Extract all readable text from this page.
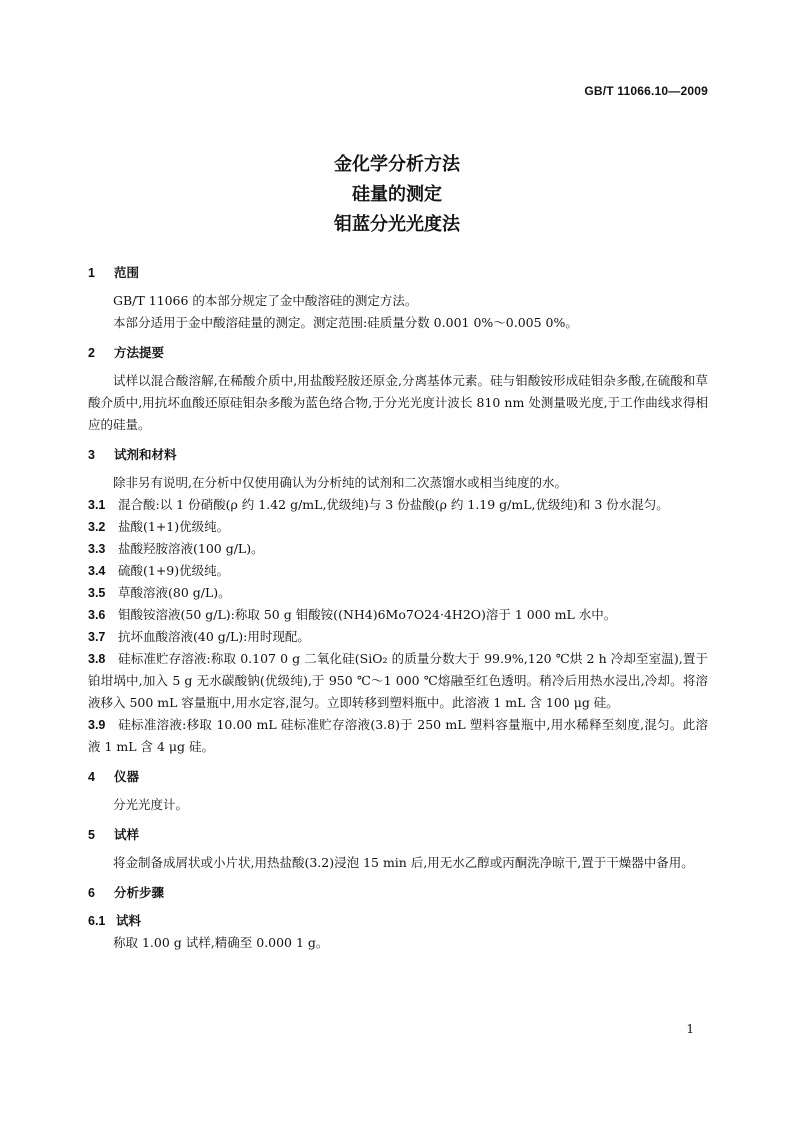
GB/T 11066.10—2009
金化学分析方法
硅量的测定
钼蓝分光光度法
1 范围
GB/T 11066 的本部分规定了金中酸溶硅的测定方法。
本部分适用于金中酸溶硅量的测定。测定范围:硅质量分数 0.001 0%～0.005 0%。
2 方法提要
试样以混合酸溶解,在稀酸介质中,用盐酸羟胺还原金,分离基体元素。硅与钼酸铵形成硅钼杂多酸,在硫酸和草酸介质中,用抗坏血酸还原硅钼杂多酸为蓝色络合物,于分光光度计波长 810 nm 处测量吸光度,于工作曲线求得相应的硅量。
3 试剂和材料
除非另有说明,在分析中仅使用确认为分析纯的试剂和二次蒸馏水或相当纯度的水。
3.1 混合酸:以 1 份硝酸(ρ 约 1.42 g/mL,优级纯)与 3 份盐酸(ρ 约 1.19 g/mL,优级纯)和 3 份水混匀。
3.2 盐酸(1+1)优级纯。
3.3 盐酸羟胺溶液(100 g/L)。
3.4 硫酸(1+9)优级纯。
3.5 草酸溶液(80 g/L)。
3.6 钼酸铵溶液(50 g/L):称取 50 g 钼酸铵((NH4)6Mo7O24·4H2O)溶于 1 000 mL 水中。
3.7 抗坏血酸溶液(40 g/L):用时现配。
3.8 硅标准贮存溶液:称取 0.107 0 g 二氧化硅(SiO₂ 的质量分数大于 99.9%,120 ℃烘 2 h 冷却至室温),置于铂坩埚中,加入 5 g 无水碳酸钠(优级纯),于 950 ℃～1 000 ℃熔融至红色透明。稍冷后用热水浸出,冷却。将溶液移入 500 mL 容量瓶中,用水定容,混匀。立即转移到塑料瓶中。此溶液 1 mL 含 100 μg 硅。
3.9 硅标准溶液:移取 10.00 mL 硅标准贮存溶液(3.8)于 250 mL 塑料容量瓶中,用水稀释至刻度,混匀。此溶液 1 mL 含 4 μg 硅。
4 仪器
分光光度计。
5 试样
将金制备成屑状或小片状,用热盐酸(3.2)浸泡 15 min 后,用无水乙醇或丙酮洗净晾干,置于干燥器中备用。
6 分析步骤
6.1 试料
称取 1.00 g 试样,精确至 0.000 1 g。
1
